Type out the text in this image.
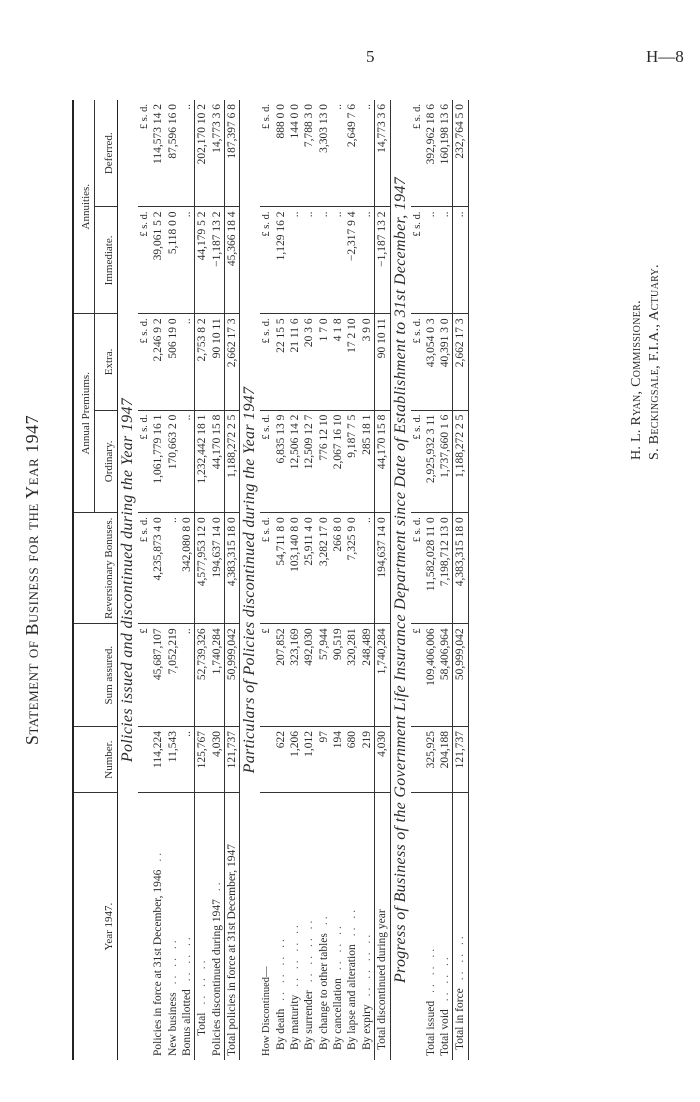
5	H—8
Statement of Business for the Year 1947
Year 1947.	Number.	Sum assured.	Reversionary Bonuses.	Annual Premiums.		Annuities.	
				Ordinary.	Extra.	Immediate.	Deferred.
Policies issued and discontinued during the Year 1947							
		£	£ s. d.	£ s. d.	£ s. d.	£ s. d.	£ s. d.
Policies in force at 31st December, 1946..	114,224	45,687,107	4,235,873 4 0	1,061,779 16 1	2,246 9 2	39,061 5 2	114,573 14 2
New business.. .. ..	11,543	7,052,219	..	170,663 2 0	506 19 0	5,118 0 0	87,596 16 0
Bonus allotted.. .. ..	..	..	342,080 8 0	..	..	..	..
Total.. .. ..	125,767	52,739,326	4,577,953 12 0	1,232,442 18 1	2,753 8 2	44,179 5 2	202,170 10 2
Policies discontinued during 1947..	4,030	1,740,284	194,637 14 0	44,170 15 8	90 10 11	−1,187 13 2	14,773 3 6
Total policies in force at 31st December, 1947	121,737	50,999,042	4,383,315 18 0	1,188,272 2 5	2,662 17 3	45,366 18 4	187,397 6 8
Particulars of Policies discontinued during the Year 1947							
How Discontinued—		£	£ s. d.	£ s. d.	£ s. d.	£ s. d.	£ s. d.
By death.. .. .. ..	622	207,852	54,711 8 0	6,835 13 9	22 15 5	1,129 16 2	888 0 0
By maturity.. .. .. ..	1,206	323,169	103,140 8 0	12,506 14 2	21 11 6	..	144 0 0
By surrender.. .. .. ..	1,012	492,030	25,911 4 0	12,509 12 7	20 3 6	..	7,788 3 0
By change to other tables..	97	57,944	3,282 17 0	776 12 10	1 7 0	..	3,303 13 0
By cancellation.. .. ..	194	90,519	266 8 0	2,067 16 10	4 1 8	..	..
By lapse and alteration.. ..	680	320,281	7,325 9 0	9,187 7 5	17 2 10	−2,317 9 4	2,649 7 6
By expiry.. .. .. ..	219	248,489	..	285 18 1	3 9 0	..	..
Total discontinued during year	4,030	1,740,284	194,637 14 0	44,170 15 8	90 10 11	−1,187 13 2	14,773 3 6
Progress of Business of the Government Life Insurance Department since Date of Establishment to 31st December, 1947							
		£	£ s. d.	£ s. d.	£ s. d.	£ s. d.	£ s. d.
Total issued.. .. ..	325,925	109,406,006	11,582,028 11 0	2,925,932 3 11	43,054 0 3	..	392,962 18 6
Total void.. .. ..	204,188	58,406,964	7,198,712 13 0	1,737,660 1 6	40,391 3 0	..	160,198 13 6
Total in force.. .. ..	121,737	50,999,042	4,383,315 18 0	1,188,272 2 5	2,662 17 3	..	232,764 5 0
H. L. Ryan, Commissioner. S. Beckingsale, F.I.A., Actuary.
